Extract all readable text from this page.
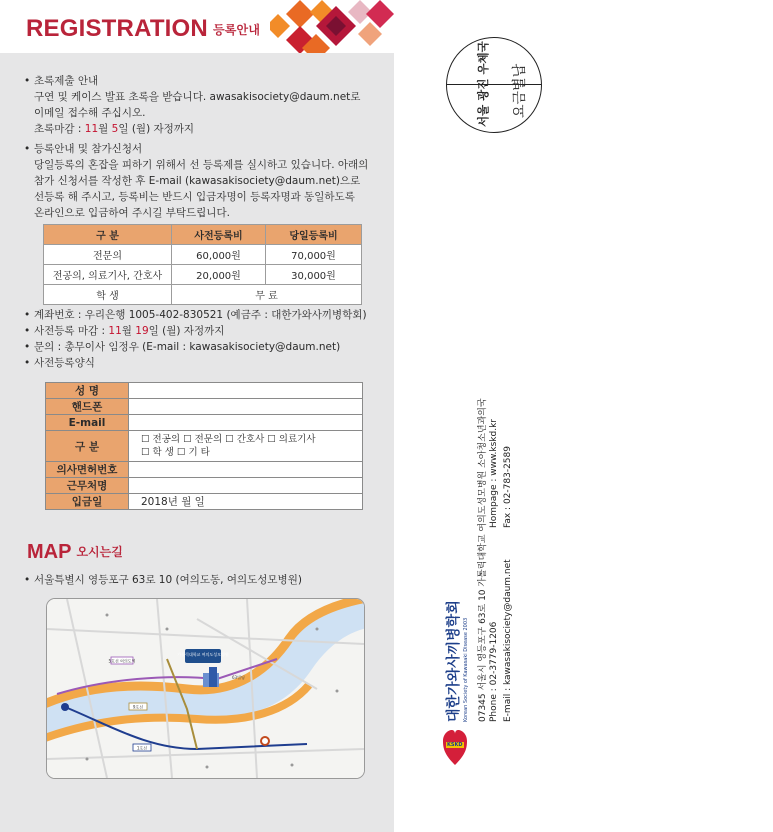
REGISTRATION 등록안내
• 초록제출 안내
구연 및 케이스 발표 초록을 받습니다. awasakisociety@daum.net로
이메일 접수해 주십시오.
초록마감 : 11월 5일 (월) 자정까지
• 등록안내 및 참가신청서
당일등록의 혼잡을 피하기 위해서 선 등록제를 실시하고 있습니다. 아래의
참가 신청서를 작성한 후 E-mail (kawasakisociety@daum.net)으로
선등록 해 주시고, 등록비는 반드시 입금자명이 등록자명과 동일하도록
온라인으로 입금하여 주시길 부탁드립니다.
구 분	사전등록비	당일등록비
전문의	60,000원	70,000원
전공의, 의료기사, 간호사	20,000원	30,000원
학 생	무 료	
• 계좌번호 : 우리은행 1005-402-830521 (예금주 : 대한가와사끼병학회)

• 사전등록 마감 : 11월 19일 (월) 자정까지

• 문의 : 총무이사 임정우 (E-mail : kawasakisociety@daum.net)

• 사전등록양식
성 명	
핸드폰	
E-mail	
구 분	☐ 전공의 ☐ 전문의 ☐ 간호사 ☐ 의료기사
☐ 학 생 ☐ 기 타
의사면허번호	
근무처명	
입금일	2018년 월 일
MAP 오시는길
• 서울특별시 영등포구 63로 10 (여의도동, 여의도성모병원)
가톨릭대학교 여의도성모병원
5호선 여의도역
9호선
1호선
63빌딩
서울 광진 우체국 요금별납
KSKD
대한가와사끼병학회 Korean Society of Kawasaki Disease 2003	07345 서울시 영등포구 63로 10 가톨릭대학교 여의도성모병원 소아청소년과의국 Phone : 02-3779-1206 E-mail : kawasakisociety@daum.net
Hompage : www.kskd.kr Fax : 02-783-2589
